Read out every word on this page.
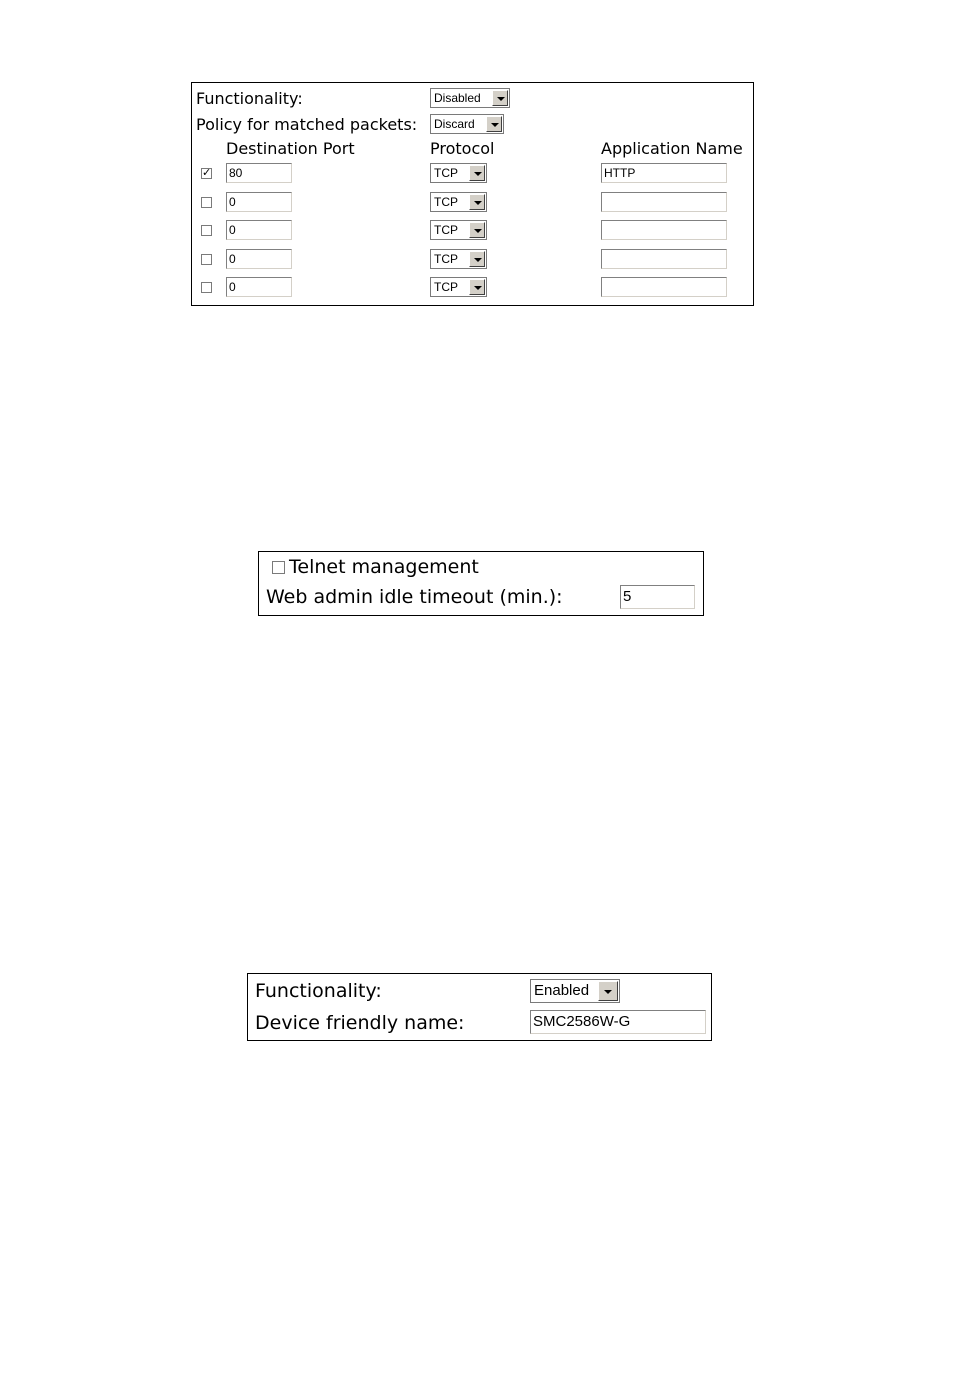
Functionality:	Disabled
Policy for matched packets:	Discard
Destination Port	Protocol	Application Name
✓
80	TCP	HTTP
0	TCP
0	TCP
0	TCP
0	TCP
Telnet management
Web admin idle timeout (min.):	5
Functionality:	Enabled
Device friendly name:	SMC2586W-G
